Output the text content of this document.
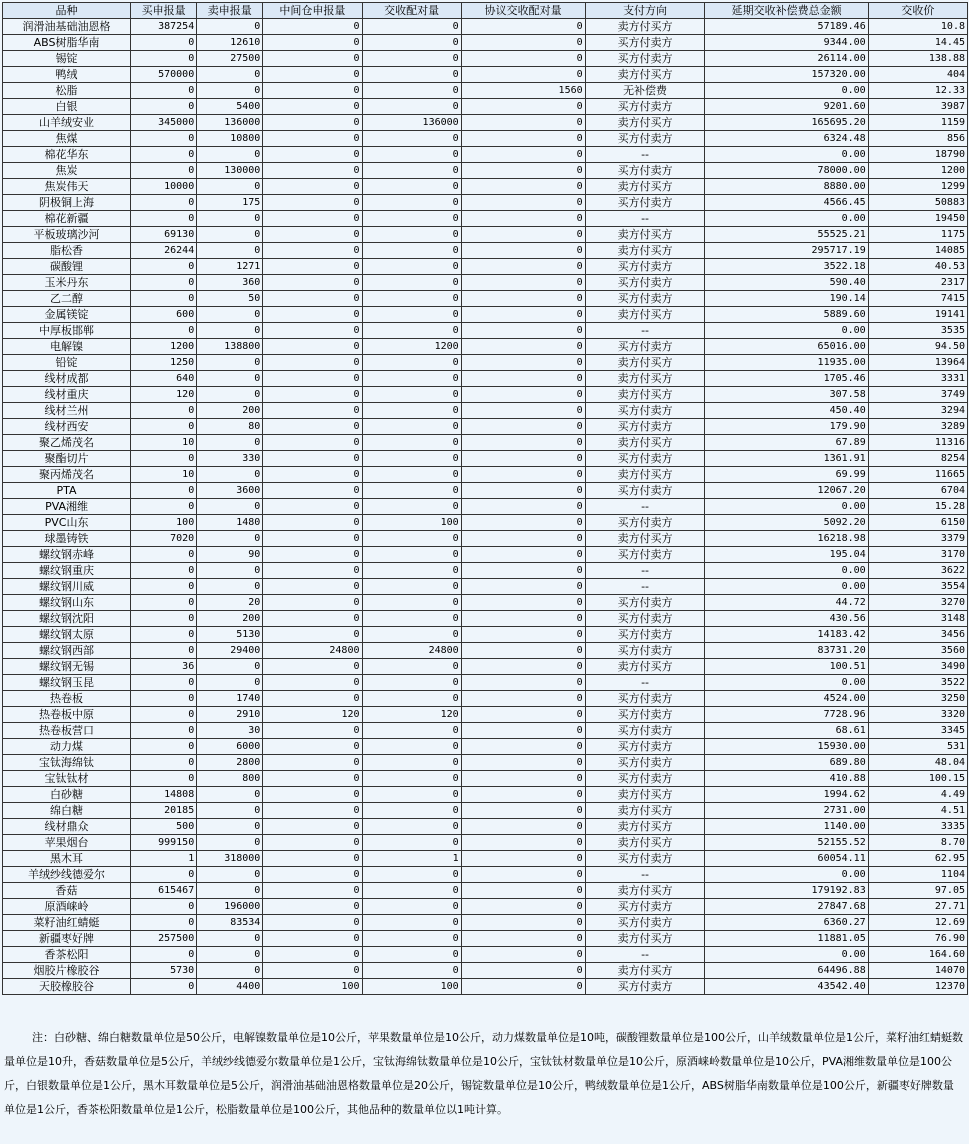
品种	买申报量	卖申报量	中间仓申报量	交收配对量	协议交收配对量	支付方向	延期交收补偿费总金额	交收价
润滑油基础油恩格	387254	0	0	0	0	卖方付买方	57189.46	10.8
ABS树脂华南	0	12610	0	0	0	买方付卖方	9344.00	14.45
锡锭	0	27500	0	0	0	买方付卖方	26114.00	138.88
鸭绒	570000	0	0	0	0	卖方付买方	157320.00	404
松脂	0	0	0	0	1560	无补偿费	0.00	12.33
白银	0	5400	0	0	0	买方付卖方	9201.60	3987
山羊绒安业	345000	136000	0	136000	0	卖方付买方	165695.20	1159
焦煤	0	10800	0	0	0	买方付卖方	6324.48	856
棉花华东	0	0	0	0	0	--	0.00	18790
焦炭	0	130000	0	0	0	买方付卖方	78000.00	1200
焦炭伟天	10000	0	0	0	0	卖方付买方	8880.00	1299
阴极铜上海	0	175	0	0	0	买方付卖方	4566.45	50883
棉花新疆	0	0	0	0	0	--	0.00	19450
平板玻璃沙河	69130	0	0	0	0	卖方付买方	55525.21	1175
脂松香	26244	0	0	0	0	卖方付买方	295717.19	14085
碳酸锂	0	1271	0	0	0	买方付卖方	3522.18	40.53
玉米丹东	0	360	0	0	0	买方付卖方	590.40	2317
乙二醇	0	50	0	0	0	买方付卖方	190.14	7415
金属镁锭	600	0	0	0	0	卖方付买方	5889.60	19141
中厚板邯郸	0	0	0	0	0	--	0.00	3535
电解镍	1200	138800	0	1200	0	买方付卖方	65016.00	94.50
铅锭	1250	0	0	0	0	卖方付买方	11935.00	13964
线材成都	640	0	0	0	0	卖方付买方	1705.46	3331
线材重庆	120	0	0	0	0	卖方付买方	307.58	3749
线材兰州	0	200	0	0	0	买方付卖方	450.40	3294
线材西安	0	80	0	0	0	买方付卖方	179.90	3289
聚乙烯茂名	10	0	0	0	0	卖方付买方	67.89	11316
聚酯切片	0	330	0	0	0	买方付卖方	1361.91	8254
聚丙烯茂名	10	0	0	0	0	卖方付买方	69.99	11665
PTA	0	3600	0	0	0	买方付卖方	12067.20	6704
PVA湘维	0	0	0	0	0	--	0.00	15.28
PVC山东	100	1480	0	100	0	买方付卖方	5092.20	6150
球墨铸铁	7020	0	0	0	0	卖方付买方	16218.98	3379
螺纹钢赤峰	0	90	0	0	0	买方付卖方	195.04	3170
螺纹钢重庆	0	0	0	0	0	--	0.00	3622
螺纹钢川威	0	0	0	0	0	--	0.00	3554
螺纹钢山东	0	20	0	0	0	买方付卖方	44.72	3270
螺纹钢沈阳	0	200	0	0	0	买方付卖方	430.56	3148
螺纹钢太原	0	5130	0	0	0	买方付卖方	14183.42	3456
螺纹钢西部	0	29400	24800	24800	0	买方付卖方	83731.20	3560
螺纹钢无锡	36	0	0	0	0	卖方付买方	100.51	3490
螺纹钢玉昆	0	0	0	0	0	--	0.00	3522
热卷板	0	1740	0	0	0	买方付卖方	4524.00	3250
热卷板中原	0	2910	120	120	0	买方付卖方	7728.96	3320
热卷板营口	0	30	0	0	0	买方付卖方	68.61	3345
动力煤	0	6000	0	0	0	买方付卖方	15930.00	531
宝钛海绵钛	0	2800	0	0	0	买方付卖方	689.80	48.04
宝钛钛材	0	800	0	0	0	买方付卖方	410.88	100.15
白砂糖	14808	0	0	0	0	卖方付买方	1994.62	4.49
绵白糖	20185	0	0	0	0	卖方付买方	2731.00	4.51
线材鼎众	500	0	0	0	0	卖方付买方	1140.00	3335
苹果烟台	999150	0	0	0	0	卖方付买方	52155.52	8.70
黑木耳	1	318000	0	1	0	买方付卖方	60054.11	62.95
羊绒纱线德爱尔	0	0	0	0	0	--	0.00	1104
香菇	615467	0	0	0	0	卖方付买方	179192.83	97.05
原酒崃岭	0	196000	0	0	0	买方付卖方	27847.68	27.71
菜籽油红蜻蜓	0	83534	0	0	0	买方付卖方	6360.27	12.69
新疆枣好牌	257500	0	0	0	0	卖方付买方	11881.05	76.90
香茶松阳	0	0	0	0	0	--	0.00	164.60
烟胶片橡胶谷	5730	0	0	0	0	卖方付买方	64496.88	14070
天胶橡胶谷	0	4400	100	100	0	买方付卖方	43542.40	12370
注：白砂糖、绵白糖数量单位是50公斤，电解镍数量单位是10公斤，苹果数量单位是10公斤，动力煤数量单位是10吨，碳酸锂数量单位是100公斤，山羊绒数量单位是1公斤，菜籽油红蜻蜓数量单位是10升，香菇数量单位是5公斤，羊绒纱线德爱尔数量单位是1公斤，宝钛海绵钛数量单位是10公斤，宝钛钛材数量单位是10公斤，原酒崃岭数量单位是10公斤，PVA湘维数量单位是100公斤，白银数量单位是1公斤，黑木耳数量单位是5公斤，润滑油基础油恩格数量单位是20公斤，锡锭数量单位是10公斤，鸭绒数量单位是1公斤，ABS树脂华南数量单位是100公斤，新疆枣好牌数量单位是1公斤，香茶松阳数量单位是1公斤，松脂数量单位是100公斤，其他品种的数量单位以1吨计算。
